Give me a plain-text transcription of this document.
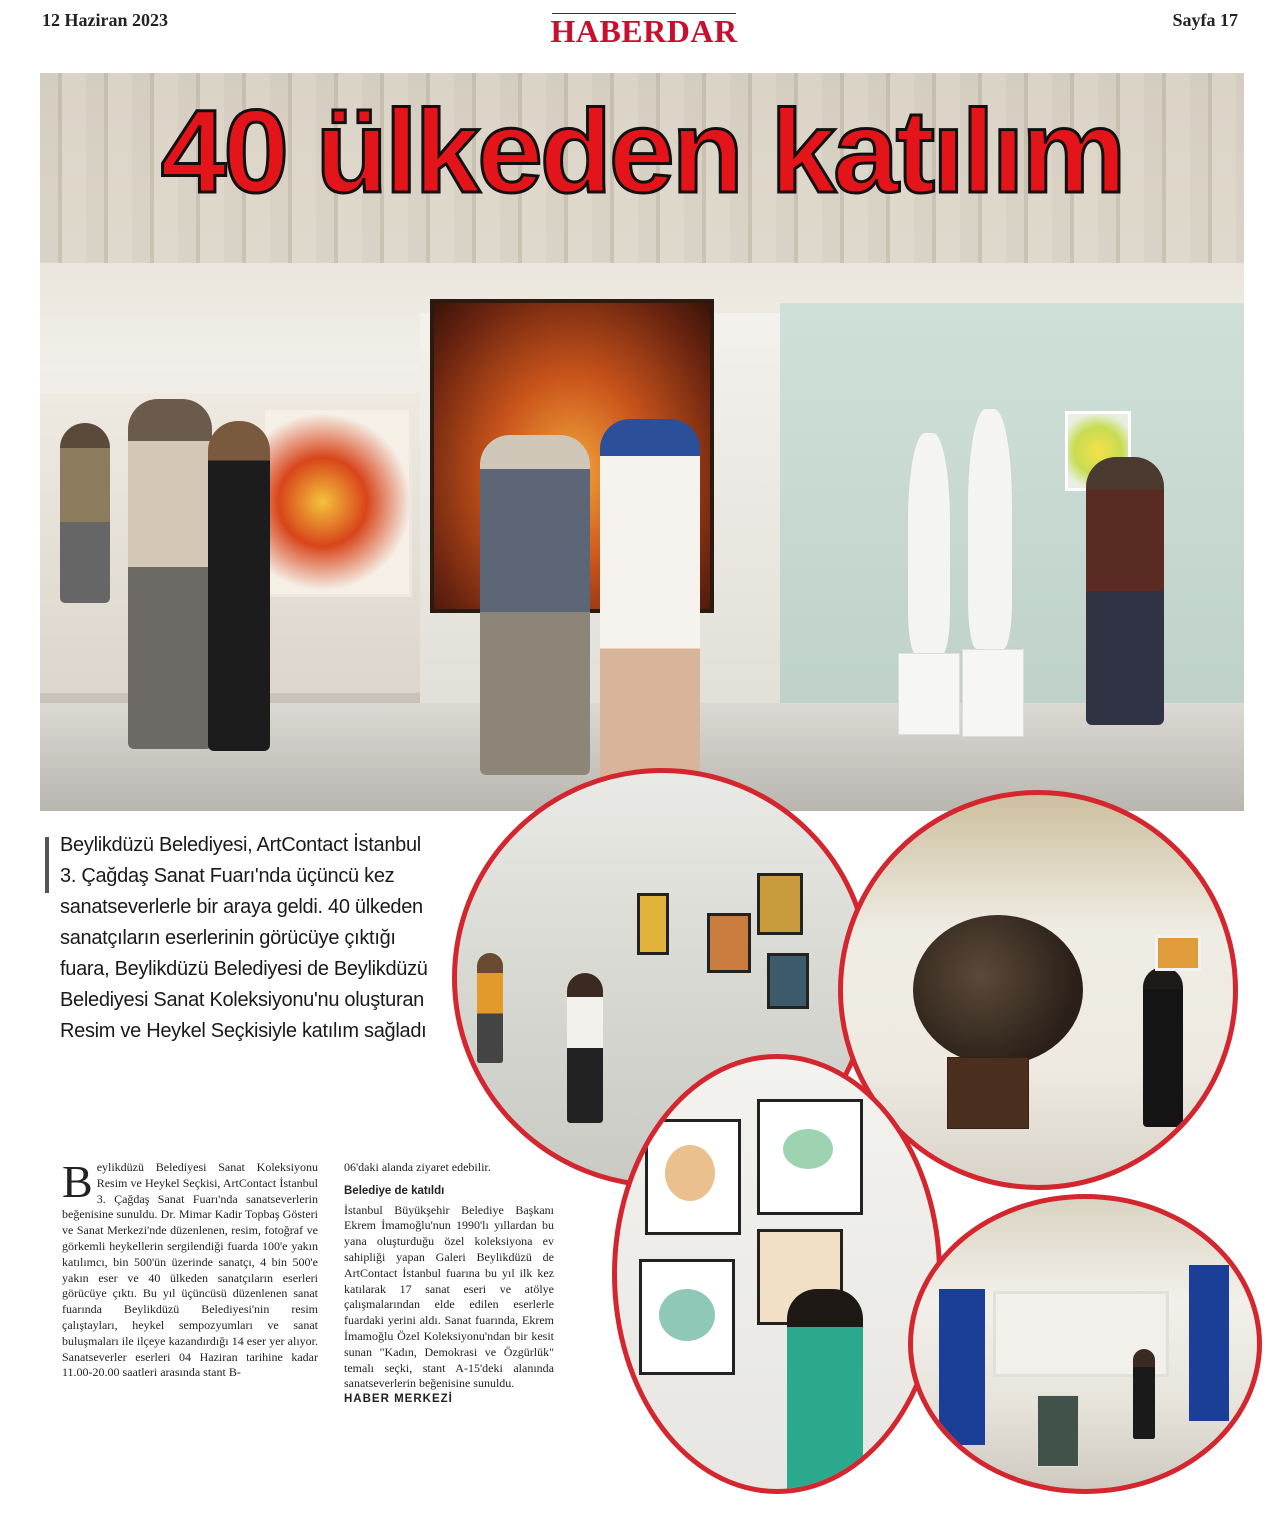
12 Haziran 2023	HABERDAR	Sayfa 17
40 ülkeden katılım
Beylikdüzü Belediyesi, ArtContact İstanbul 3. Çağdaş Sanat Fuarı'nda üçüncü kez sanatseverlerle bir araya geldi. 40 ülkeden sanatçıların eserlerinin görücüye çıktığı fuara, Beylikdüzü Belediyesi de Beylikdüzü Belediyesi Sanat Koleksiyonu'nu oluşturan Resim ve Heykel Seçkisiyle katılım sağladı
Beylikdüzü Belediyesi Sanat Koleksiyonu Resim ve Heykel Seçkisi, ArtContact İstanbul 3. Çağdaş Sanat Fuarı'nda sanatseverlerin beğenisine sunuldu. Dr. Mimar Kadir Topbaş Gösteri ve Sanat Merkezi'nde düzenlenen, resim, fotoğraf ve görkemli heykellerin sergilendiği fuarda 100'e yakın katılımcı, bin 500'ün üzerinde sanatçı, 4 bin 500'e yakın eser ve 40 ülkeden sanatçıların eserleri görücüye çıktı. Bu yıl üçüncüsü düzenlenen sanat fuarında Beylikdüzü Belediyesi'nin resim çalıştayları, heykel sempozyumları ve sanat buluşmaları ile ilçeye kazandırdığı 14 eser yer alıyor. Sanatseverler eserleri 04 Haziran tarihine kadar 11.00-20.00 saatleri arasında stant B-
06'daki alanda ziyaret edebilir.
Belediye de katıldı
İstanbul Büyükşehir Belediye Başkanı Ekrem İmamoğlu'nun 1990'lı yıllardan bu yana oluşturduğu özel koleksiyona ev sahipliği yapan Galeri Beylikdüzü de ArtContact İstanbul fuarına bu yıl ilk kez katılarak 17 sanat eseri ve atölye çalışmalarından elde edilen eserlerle fuardaki yerini aldı. Sanat fuarında, Ekrem İmamoğlu Özel Koleksiyonu'ndan bir kesit sunan "Kadın, Demokrasi ve Özgürlük" temalı seçki, stant A-15'deki alanında sanatseverlerin beğenisine sunuldu.
HABER MERKEZİ
